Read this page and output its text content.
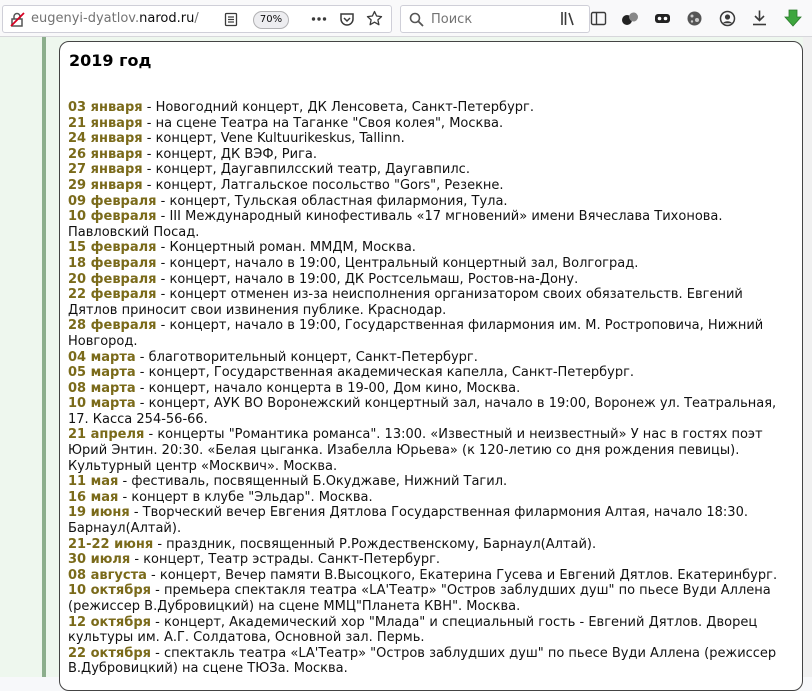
eugenyi-dyatlov.narod.ru/	70%	Поиск
2019 год
03 января - Новогодний концерт, ДК Ленсовета, Санкт-Петербург.
21 января - на сцене Театра на Таганке "Своя колея", Москва.
24 января - концерт, Vene Kultuurikeskus, Tallinn.
26 января - концерт, ДК ВЭФ, Рига.
27 января - концерт, Даугавпилсский театр, Даугавпилс.
29 января - концерт, Латгальское посольство "Gors", Резекне.
09 февраля - концерт, Тульская областная филармония, Тула.
10 февраля - III Международный кинофестиваль «17 мгновений» имени Вячеслава Тихонова. Павловский Посад.
15 февраля - Концертный роман. ММДМ, Москва.
18 февраля - концерт, начало в 19:00, Центральный концертный зал, Волгоград.
20 февраля - концерт, начало в 19:00, ДК Ростсельмаш, Ростов-на-Дону.
22 февраля - концерт отменен из-за неисполнения организатором своих обязательств. Евгений Дятлов приносит свои извинения публике. Краснодар.
28 февраля - концерт, начало в 19:00, Государственная филармония им. М. Ростроповича, Нижний Новгород.
04 марта - благотворительный концерт, Санкт-Петербург.
05 марта - концерт, Государственная академическая капелла, Санкт-Петербург.
08 марта - концерт, начало концерта в 19-00, Дом кино, Москва.
10 марта - концерт, АУК ВО Воронежский концертный зал, начало в 19:00, Воронеж ул. Театральная, 17. Касса 254-56-66.
21 апреля - концерты "Романтика романса". 13:00. «Известный и неизвестный» У нас в гостях поэт Юрий Энтин. 20:30. «Белая цыганка. Изабелла Юрьева» (к 120-летию со дня рождения певицы). Культурный центр «Москвич». Москва.
11 мая - фестиваль, посвященный Б.Окуджаве, Нижний Тагил.
16 мая - концерт в клубе "Эльдар". Москва.
19 июня - Творческий вечер Евгения Дятлова Государственная филармония Алтая, начало 18:30. Барнаул(Алтай).
21-22 июня - праздник, посвященный Р.Рождественскому, Барнаул(Алтай).
30 июля - концерт, Театр эстрады. Санкт-Петербург.
08 августа - концерт, Вечер памяти В.Высоцкого, Екатерина Гусева и Евгений Дятлов. Екатеринбург.
10 октября - премьера спектакля театра «LA'Театр» "Остров заблудших душ" по пьесе Вуди Аллена (режиссер В.Дубровицкий) на сцене ММЦ"Планета КВН". Москва.
12 октября - концерт, Академический хор "Млада" и специальный гость - Евгений Дятлов. Дворец культуры им. А.Г. Солдатова, Основной зал. Пермь.
22 октября - спектакль театра «LA'Театр» "Остров заблудших душ" по пьесе Вуди Аллена (режиссер В.Дубровицкий) на сцене ТЮЗа. Москва.
